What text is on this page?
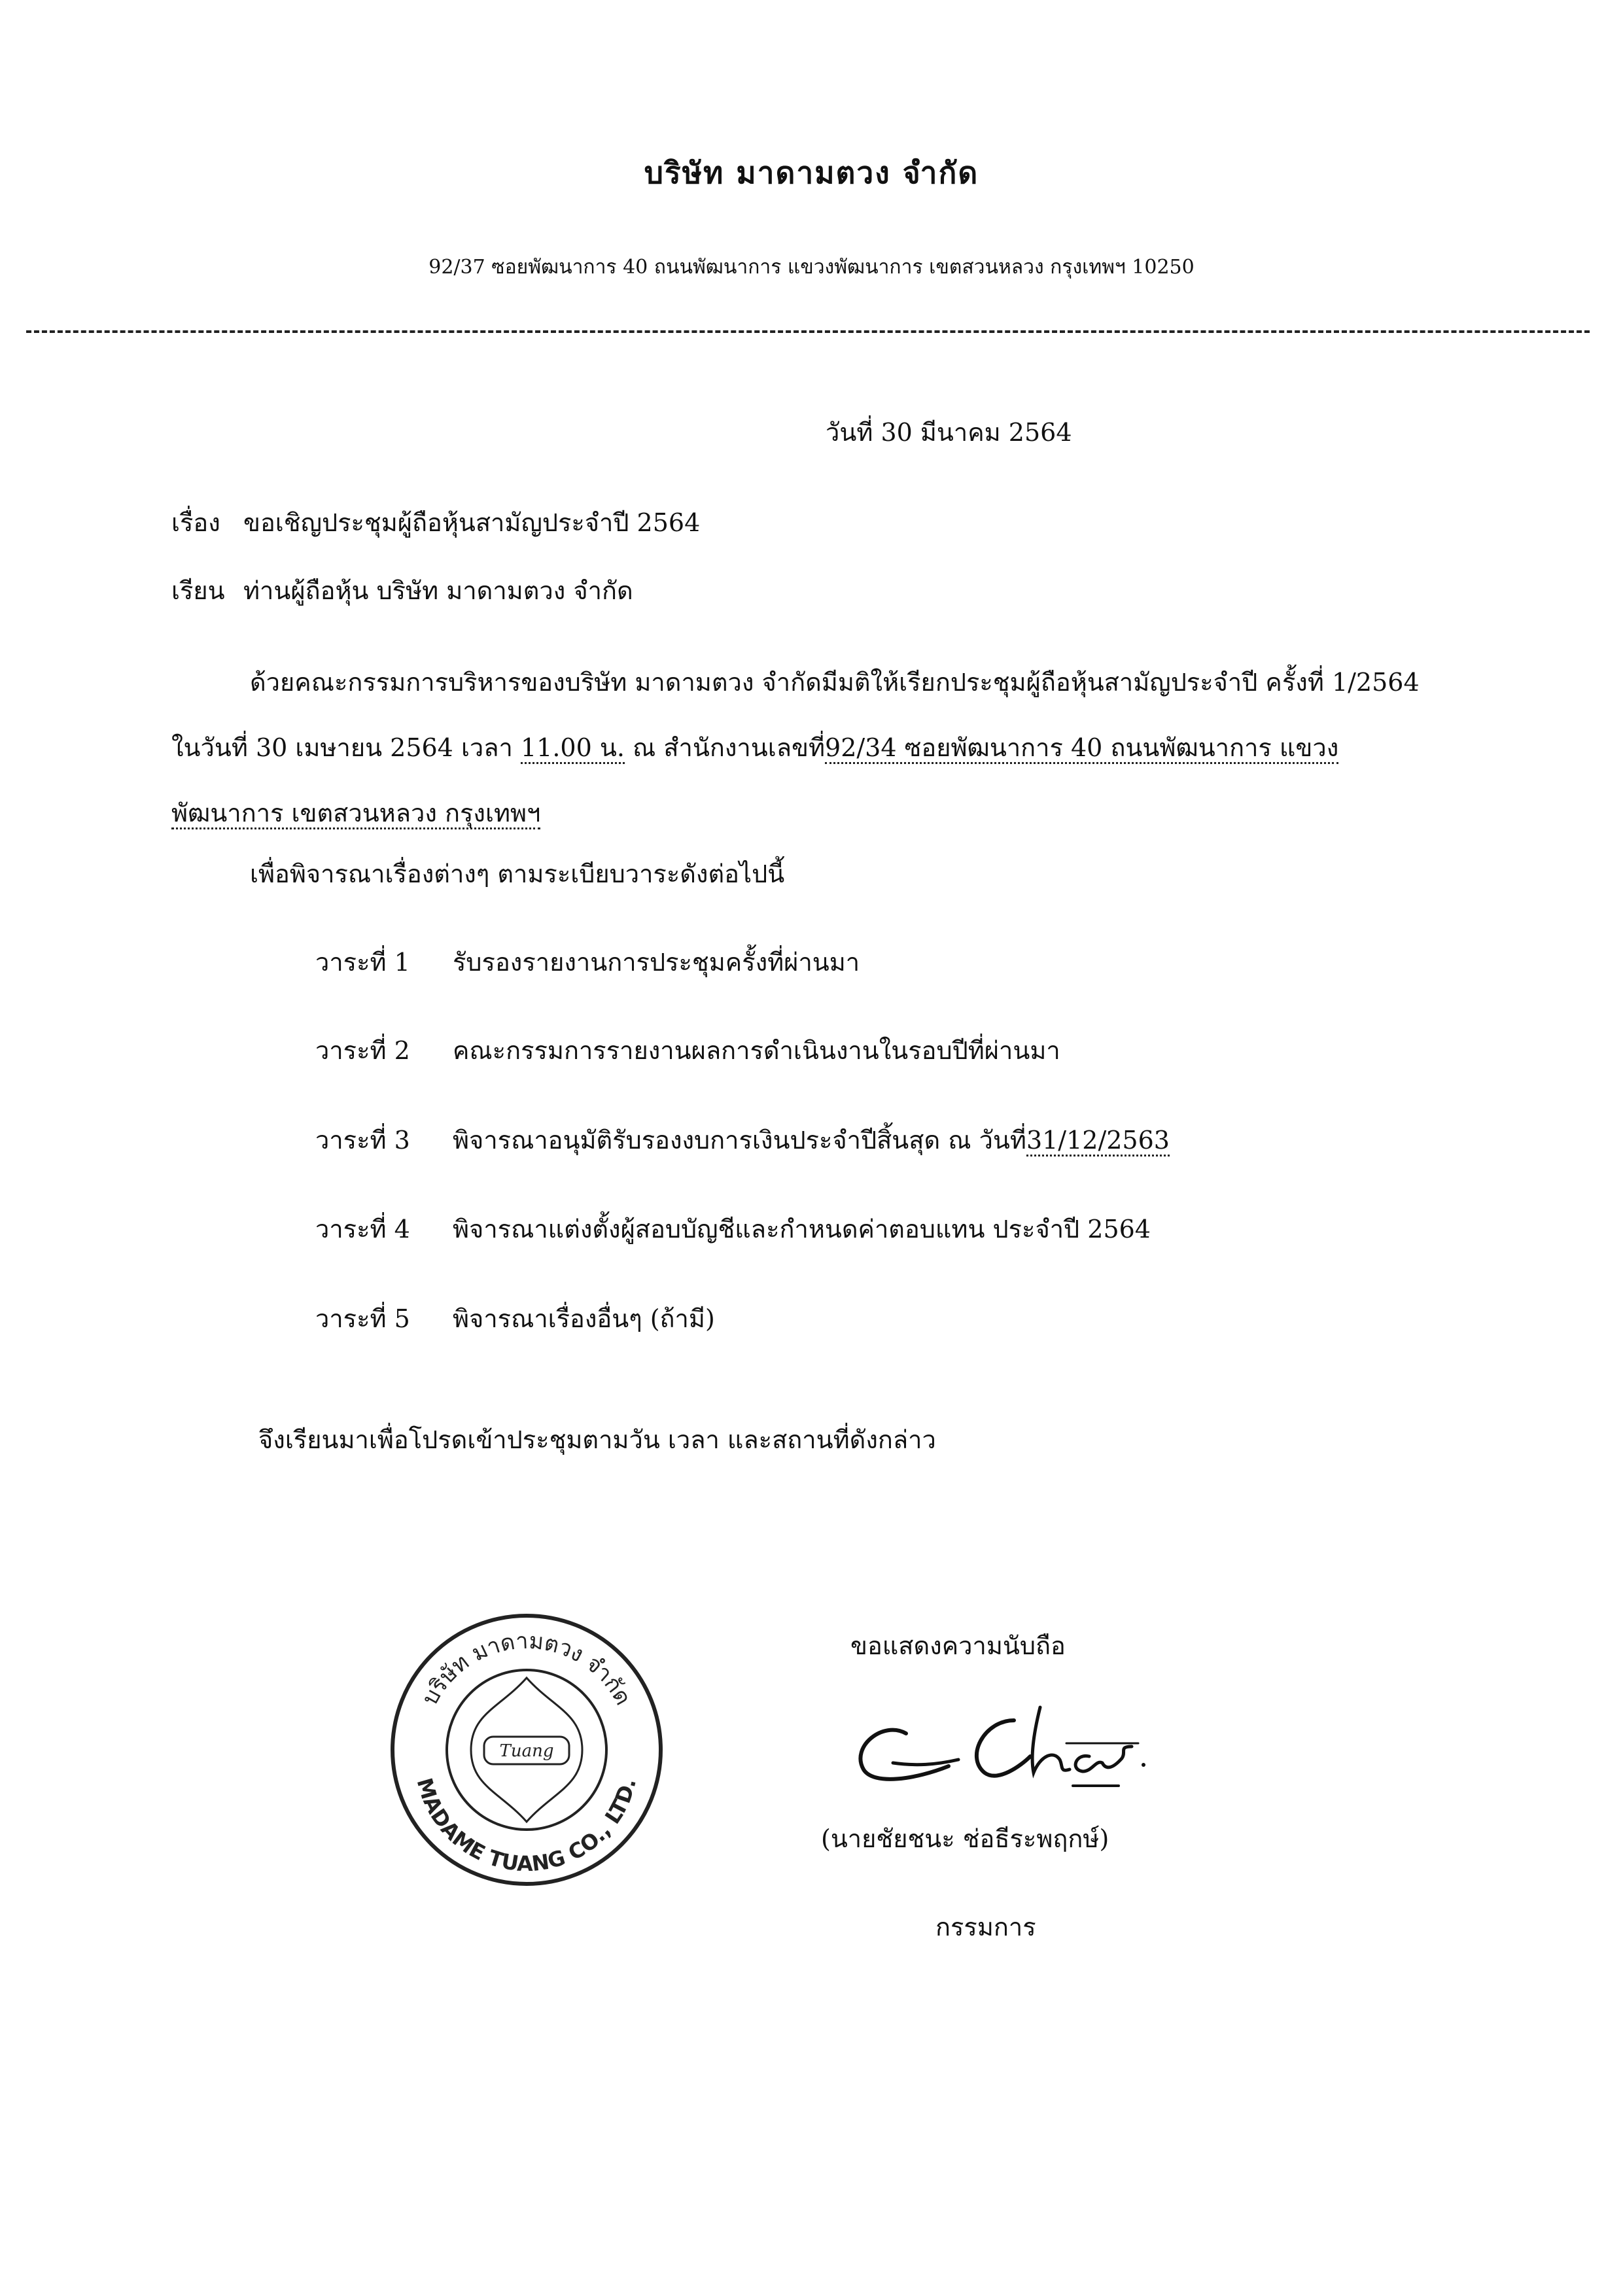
บริษัท มาดามตวง จำกัด
92/37 ซอยพัฒนาการ 40 ถนนพัฒนาการ แขวงพัฒนาการ เขตสวนหลวง กรุงเทพฯ 10250
วันที่ 30 มีนาคม 2564
เรื่อง ขอเชิญประชุมผู้ถือหุ้นสามัญประจำปี 2564
เรียน ท่านผู้ถือหุ้น บริษัท มาดามตวง จำกัด
ด้วยคณะกรรมการบริหารของบริษัท มาดามตวง จำกัดมีมติให้เรียกประชุมผู้ถือหุ้นสามัญประจำปี ครั้งที่ 1/2564 ในวันที่ 30 เมษายน 2564 เวลา 11.00 น. ณ สำนักงานเลขที่92/34 ซอยพัฒนาการ 40 ถนนพัฒนาการ แขวงพัฒนาการ เขตสวนหลวง กรุงเทพฯ
เพื่อพิจารณาเรื่องต่างๆ ตามระเบียบวาระดังต่อไปนี้
วาระที่ 1 รับรองรายงานการประชุมครั้งที่ผ่านมา
วาระที่ 2 คณะกรรมการรายงานผลการดำเนินงานในรอบปีที่ผ่านมา
วาระที่ 3 พิจารณาอนุมัติรับรองงบการเงินประจำปีสิ้นสุด ณ วันที่31/12/2563
วาระที่ 4 พิจารณาแต่งตั้งผู้สอบบัญชีและกำหนดค่าตอบแทน ประจำปี 2564
วาระที่ 5 พิจารณาเรื่องอื่นๆ (ถ้ามี)
จึงเรียนมาเพื่อโปรดเข้าประชุมตามวัน เวลา และสถานที่ดังกล่าว
บริษัท มาดามตวง จำกัด
MADAME TUANG CO., LTD.
Tuang
ขอแสดงความนับถือ
(นายชัยชนะ ช่อธีระพฤกษ์)
กรรมการ
